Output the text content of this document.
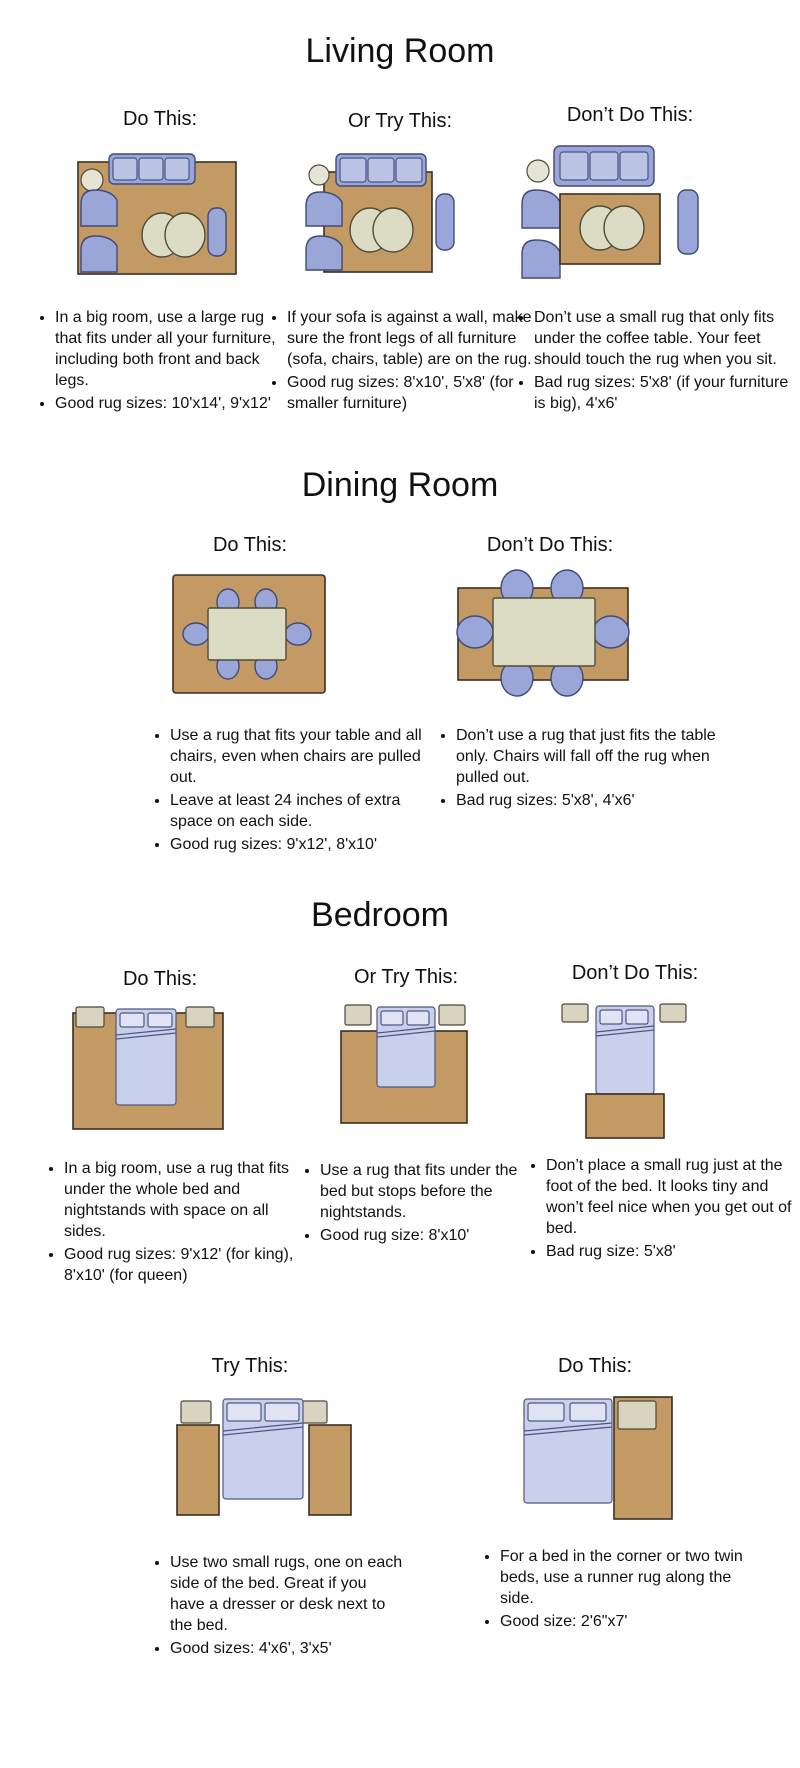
Living Room
Do This:	Or Try This:	Don’t Do This:
• In a big room, use a large rug that fits under all your furniture, including both front and back legs.
• Good rug sizes: 10'x14', 9'x12'
• If your sofa is against a wall, make sure the front legs of all furniture (sofa, chairs, table) are on the rug.
• Good rug sizes: 8'x10', 5'x8' (for smaller furniture)
• Don’t use a small rug that only fits under the coffee table. Your feet should touch the rug when you sit.
• Bad rug sizes: 5'x8' (if your furniture is big), 4'x6'
Dining Room
Do This:	Don’t Do This:
• Use a rug that fits your table and all chairs, even when chairs are pulled out.
• Leave at least 24 inches of extra space on each side.
• Good rug sizes: 9'x12', 8'x10'
• Don’t use a rug that just fits the table only. Chairs will fall off the rug when pulled out.
• Bad rug sizes: 5'x8', 4'x6'
Bedroom
Do This:	Or Try This:	Don’t Do This:
• In a big room, use a rug that fits under the whole bed and nightstands with space on all sides.
• Good rug sizes: 9'x12' (for king), 8'x10' (for queen)
• Use a rug that fits under the bed but stops before the nightstands.
• Good rug size: 8'x10'
• Don’t place a small rug just at the foot of the bed. It looks tiny and won’t feel nice when you get out of bed.
• Bad rug size: 5'x8'
Try This:	Do This:
• Use two small rugs, one on each side of the bed. Great if you have a dresser or desk next to the bed.
• Good sizes: 4'x6', 3'x5'
• For a bed in the corner or two twin beds, use a runner rug along the side.
• Good size: 2'6"x7'
